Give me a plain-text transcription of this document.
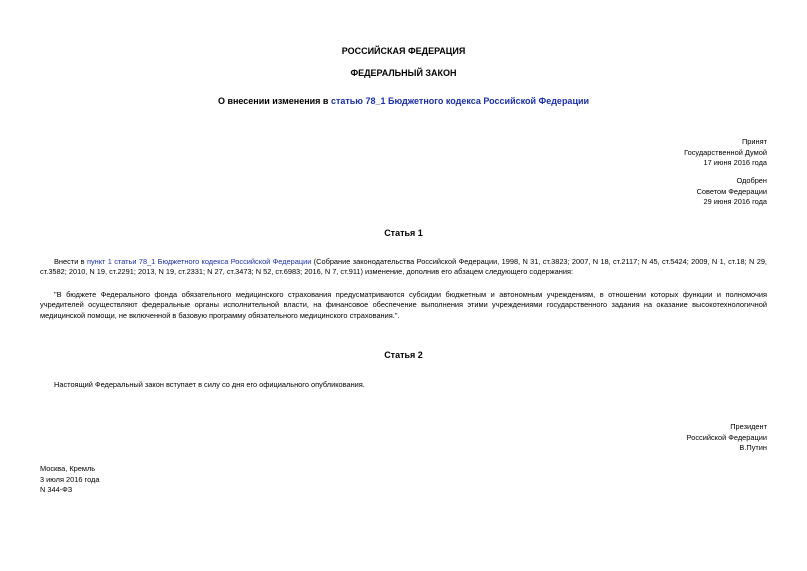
РОССИЙСКАЯ ФЕДЕРАЦИЯ
ФЕДЕРАЛЬНЫЙ ЗАКОН
О внесении изменения в статью 78_1 Бюджетного кодекса Российской Федерации
Принят
Государственной Думой
17 июня 2016 года
Одобрен
Советом Федерации
29 июня 2016 года
Статья 1
Внести в пункт 1 статьи 78_1 Бюджетного кодекса Российской Федерации (Собрание законодательства Российской Федерации, 1998, N 31, ст.3823; 2007, N 18, ст.2117; N 45, ст.5424; 2009, N 1, ст.18; N 29, ст.3582; 2010, N 19, ст.2291; 2013, N 19, ст.2331; N 27, ст.3473; N 52, ст.6983; 2016, N 7, ст.911) изменение, дополнив его абзацем следующего содержания:
"В бюджете Федерального фонда обязательного медицинского страхования предусматриваются субсидии бюджетным и автономным учреждениям, в отношении которых функции и полномочия учредителей осуществляют федеральные органы исполнительной власти, на финансовое обеспечение выполнения этими учреждениями государственного задания на оказание высокотехнологичной медицинской помощи, не включенной в базовую программу обязательного медицинского страхования.".
Статья 2
Настоящий Федеральный закон вступает в силу со дня его официального опубликования.
Президент
Российской Федерации
В.Путин
Москва, Кремль
3 июля 2016 года
N 344-ФЗ
